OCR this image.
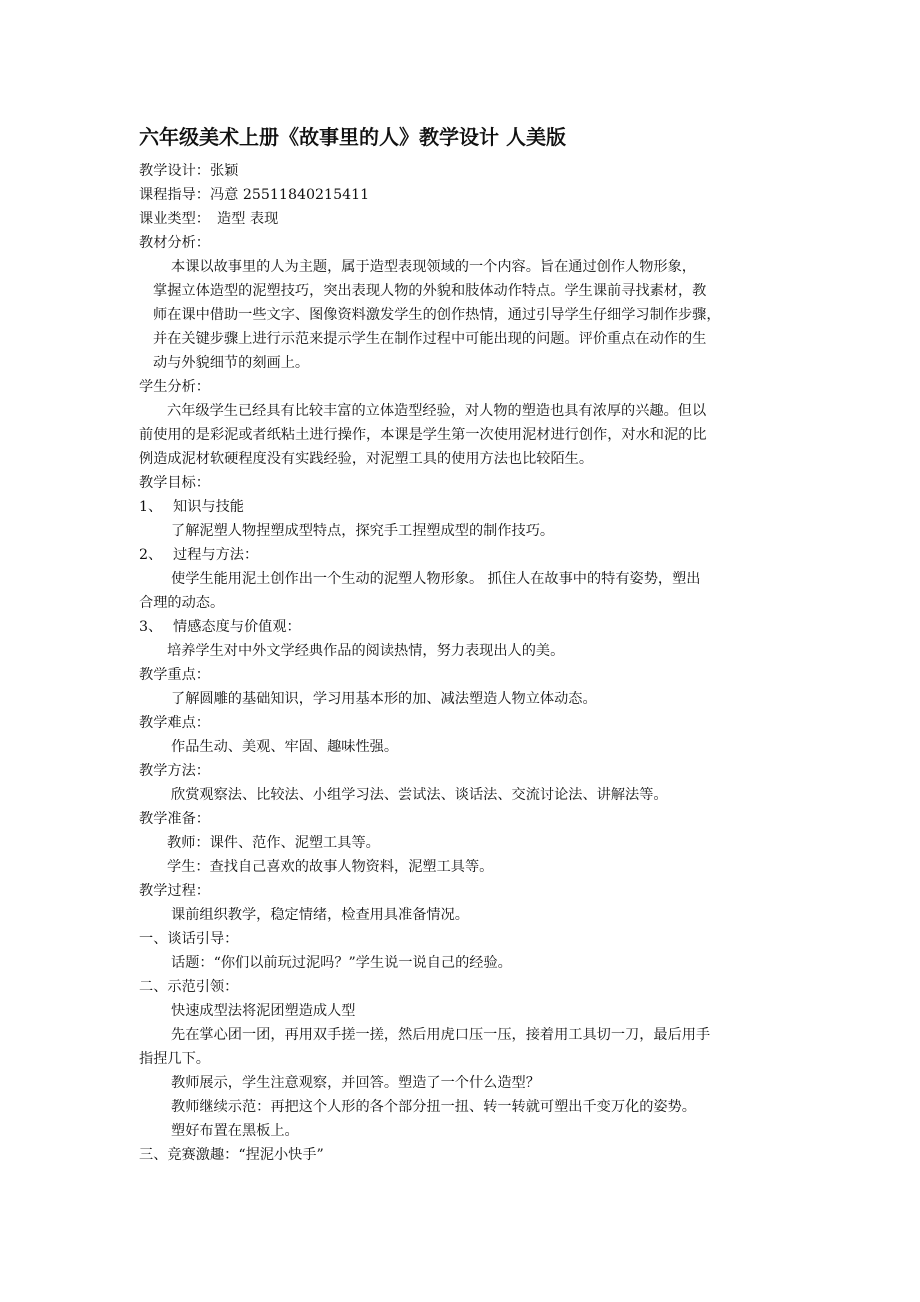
六年级美术上册《故事里的人》教学设计 人美版
教学设计：张颖
课程指导：冯意 25511840215411
课业类型：　造型 表现
教材分析：
本课以故事里的人为主题，属于造型表现领域的一个内容。旨在通过创作人物形象，
掌握立体造型的泥塑技巧，突出表现人物的外貌和肢体动作特点。学生课前寻找素材，教
师在课中借助一些文字、图像资料激发学生的创作热情，通过引导学生仔细学习制作步骤，
并在关键步骤上进行示范来提示学生在制作过程中可能出现的问题。评价重点在动作的生
动与外貌细节的刻画上。
学生分析：
六年级学生已经具有比较丰富的立体造型经验，对人物的塑造也具有浓厚的兴趣。但以
前使用的是彩泥或者纸粘土进行操作，本课是学生第一次使用泥材进行创作，对水和泥的比
例造成泥材软硬程度没有实践经验，对泥塑工具的使用方法也比较陌生。
教学目标：
1、 知识与技能
了解泥塑人物捏塑成型特点，探究手工捏塑成型的制作技巧。
2、 过程与方法：
使学生能用泥土创作出一个生动的泥塑人物形象。 抓住人在故事中的特有姿势，塑出
合理的动态。
3、 情感态度与价值观：
培养学生对中外文学经典作品的阅读热情，努力表现出人的美。
教学重点：
了解圆雕的基础知识，学习用基本形的加、减法塑造人物立体动态。
教学难点：
作品生动、美观、牢固、趣味性强。
教学方法：
欣赏观察法、比较法、小组学习法、尝试法、谈话法、交流讨论法、讲解法等。
教学准备：
教师：课件、范作、泥塑工具等。
学生：查找自己喜欢的故事人物资料，泥塑工具等。
教学过程：
课前组织教学，稳定情绪，检查用具准备情况。
一、谈话引导：
话题：“你们以前玩过泥吗？”学生说一说自己的经验。
二、示范引领：
快速成型法将泥团塑造成人型
先在掌心团一团，再用双手搓一搓，然后用虎口压一压，接着用工具切一刀，最后用手
指捏几下。
教师展示，学生注意观察，并回答。塑造了一个什么造型？
教师继续示范：再把这个人形的各个部分扭一扭、转一转就可塑出千变万化的姿势。
塑好布置在黑板上。
三、竞赛激趣：“捏泥小快手”
